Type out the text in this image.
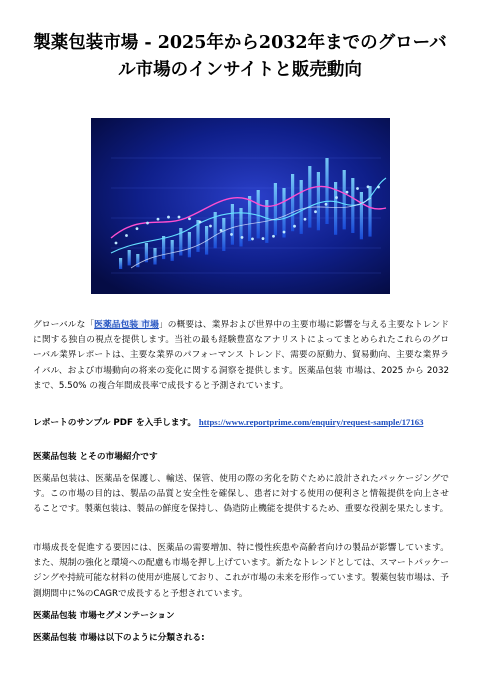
製薬包装市場 - 2025年から2032年までのグローバル市場のインサイトと販売動向

グローバルな「医薬品包装 市場」の概要は、業界および世界中の主要市場に影響を与える主要なトレンドに関する独自の視点を提供します。当社の最も経験豊富なアナリストによってまとめられたこれらのグローバル業界レポートは、主要な業界のパフォーマンス トレンド、需要の原動力、貿易動向、主要な業界ライバル、および市場動向の将来の変化に関する洞察を提供します。医薬品包装 市場は、2025 から 2032 まで、5.50% の複合年間成長率で成長すると予測されています。

レポートのサンプル PDF を入手します。 https://www.reportprime.com/enquiry/request-sample/17163

医薬品包装 とその市場紹介です

医薬品包装は、医薬品を保護し、輸送、保管、使用の際の劣化を防ぐために設計されたパッケージングです。この市場の目的は、製品の品質と安全性を確保し、患者に対する使用の便利さと情報提供を向上させることです。製薬包装は、製品の鮮度を保持し、偽造防止機能を提供するため、重要な役割を果たします。

市場成長を促進する要因には、医薬品の需要増加、特に慢性疾患や高齢者向けの製品が影響しています。また、規制の強化と環境への配慮も市場を押し上げています。新たなトレンドとしては、スマートパッケージングや持続可能な材料の使用が進展しており、これが市場の未来を形作っています。製薬包装市場は、予測期間中に%のCAGRで成長すると予想されています。

医薬品包装 市場セグメンテーション

医薬品包装 市場は以下のように分類される:
